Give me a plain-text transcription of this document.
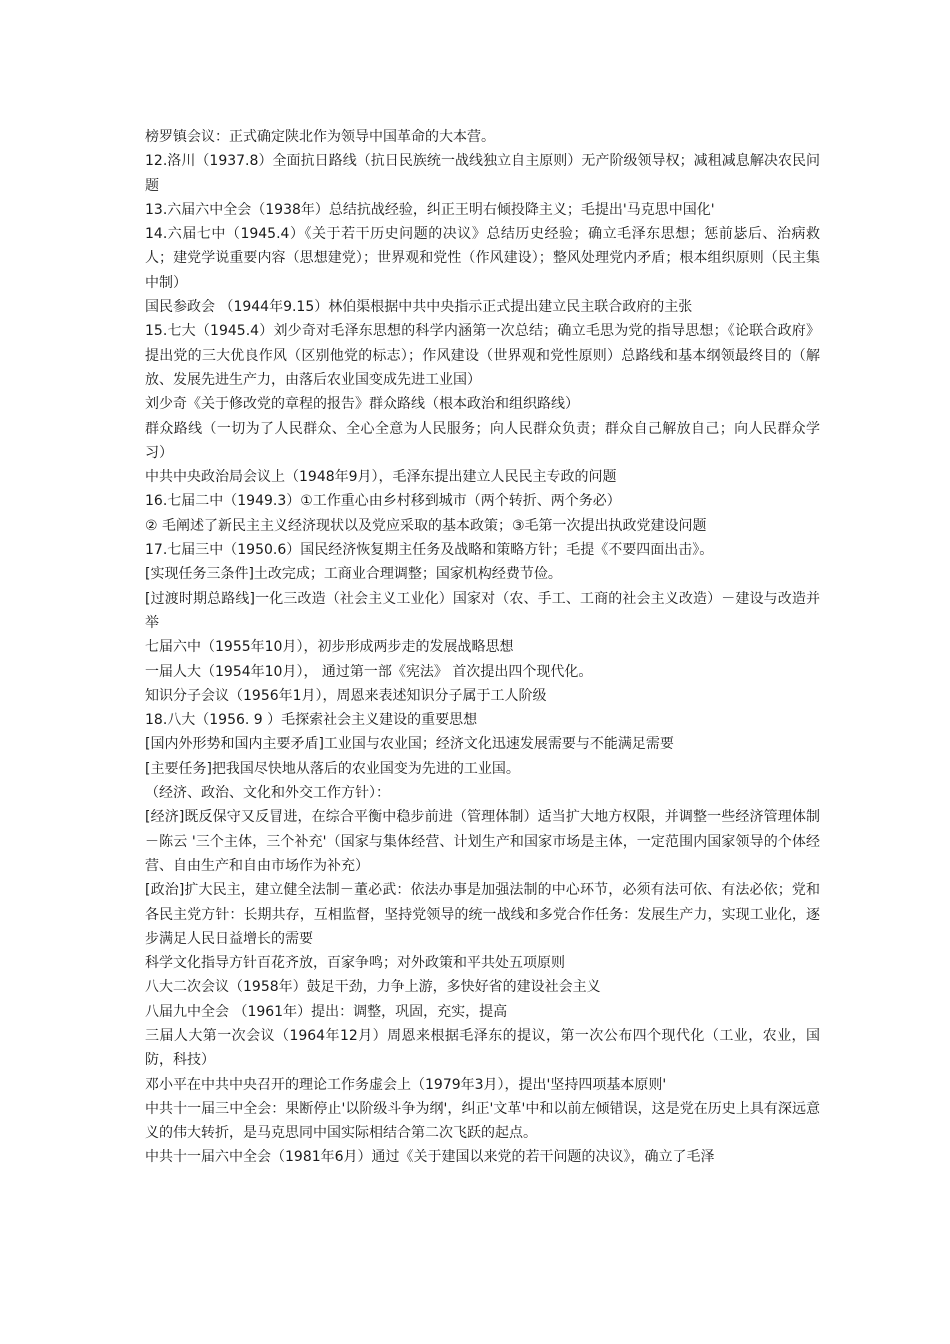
榜罗镇会议：正式确定陕北作为领导中国革命的大本营。

12.洛川（1937.8）全面抗日路线（抗日民族统一战线独立自主原则）无产阶级领导权；减租减息解决农民问题

13.六届六中全会（1938年）总结抗战经验，纠正王明右倾投降主义；毛提出'马克思中国化'

14.六届七中（1945.4）《关于若干历史问题的决议》总结历史经验；确立毛泽东思想；惩前毖后、治病救人；建党学说重要内容（思想建党）；世界观和党性（作风建设）；整风处理党内矛盾；根本组织原则（民主集中制）

国民参政会 （1944年9.15）林伯渠根据中共中央指示正式提出建立民主联合政府的主张

15.七大（1945.4）刘少奇对毛泽东思想的科学内涵第一次总结；确立毛思为党的指导思想；《论联合政府》提出党的三大优良作风（区别他党的标志）；作风建设（世界观和党性原则）总路线和基本纲领最终目的（解放、发展先进生产力，由落后农业国变成先进工业国）

刘少奇《关于修改党的章程的报告》群众路线（根本政治和组织路线）

群众路线（一切为了人民群众、全心全意为人民服务；向人民群众负责；群众自己解放自己；向人民群众学习）

中共中央政治局会议上（1948年9月），毛泽东提出建立人民民主专政的问题

16.七届二中（1949.3）①工作重心由乡村移到城市（两个转折、两个务必）

② 毛阐述了新民主主义经济现状以及党应采取的基本政策；③毛第一次提出执政党建设问题

17.七届三中（1950.6）国民经济恢复期主任务及战略和策略方针；毛提《不要四面出击》。

[实现任务三条件]土改完成；工商业合理调整；国家机构经费节俭。

[过渡时期总路线]一化三改造（社会主义工业化）国家对（农、手工、工商的社会主义改造）－建设与改造并举

七届六中（1955年10月），初步形成两步走的发展战略思想

一届人大（1954年10月）， 通过第一部《宪法》 首次提出四个现代化。

知识分子会议（1956年1月），周恩来表述知识分子属于工人阶级

18.八大（1956. 9 ）毛探索社会主义建设的重要思想

[国内外形势和国内主要矛盾]工业国与农业国；经济文化迅速发展需要与不能满足需要

[主要任务]把我国尽快地从落后的农业国变为先进的工业国。

（经济、政治、文化和外交工作方针）：

[经济]既反保守又反冒进，在综合平衡中稳步前进（管理体制）适当扩大地方权限，并调整一些经济管理体制－陈云 '三个主体，三个补充'（国家与集体经营、计划生产和国家市场是主体，一定范围内国家领导的个体经营、自由生产和自由市场作为补充）

[政治]扩大民主，建立健全法制－董必武：依法办事是加强法制的中心环节，必须有法可依、有法必依；党和各民主党方针：长期共存，互相监督，坚持党领导的统一战线和多党合作任务：发展生产力，实现工业化，逐步满足人民日益增长的需要

科学文化指导方针百花齐放，百家争鸣；对外政策和平共处五项原则

八大二次会议（1958年）鼓足干劲，力争上游，多快好省的建设社会主义

八届九中全会 （1961年）提出：调整，巩固，充实，提高

三届人大第一次会议（1964年12月）周恩来根据毛泽东的提议，第一次公布四个现代化（工业，农业，国防，科技）

邓小平在中共中央召开的理论工作务虚会上（1979年3月），提出'坚持四项基本原则'

中共十一届三中全会：果断停止'以阶级斗争为纲'，纠正'文革'中和以前左倾错误，这是党在历史上具有深远意义的伟大转折，是马克思同中国实际相结合第二次飞跃的起点。

中共十一届六中全会（1981年6月）通过《关于建国以来党的若干问题的决议》，确立了毛泽
